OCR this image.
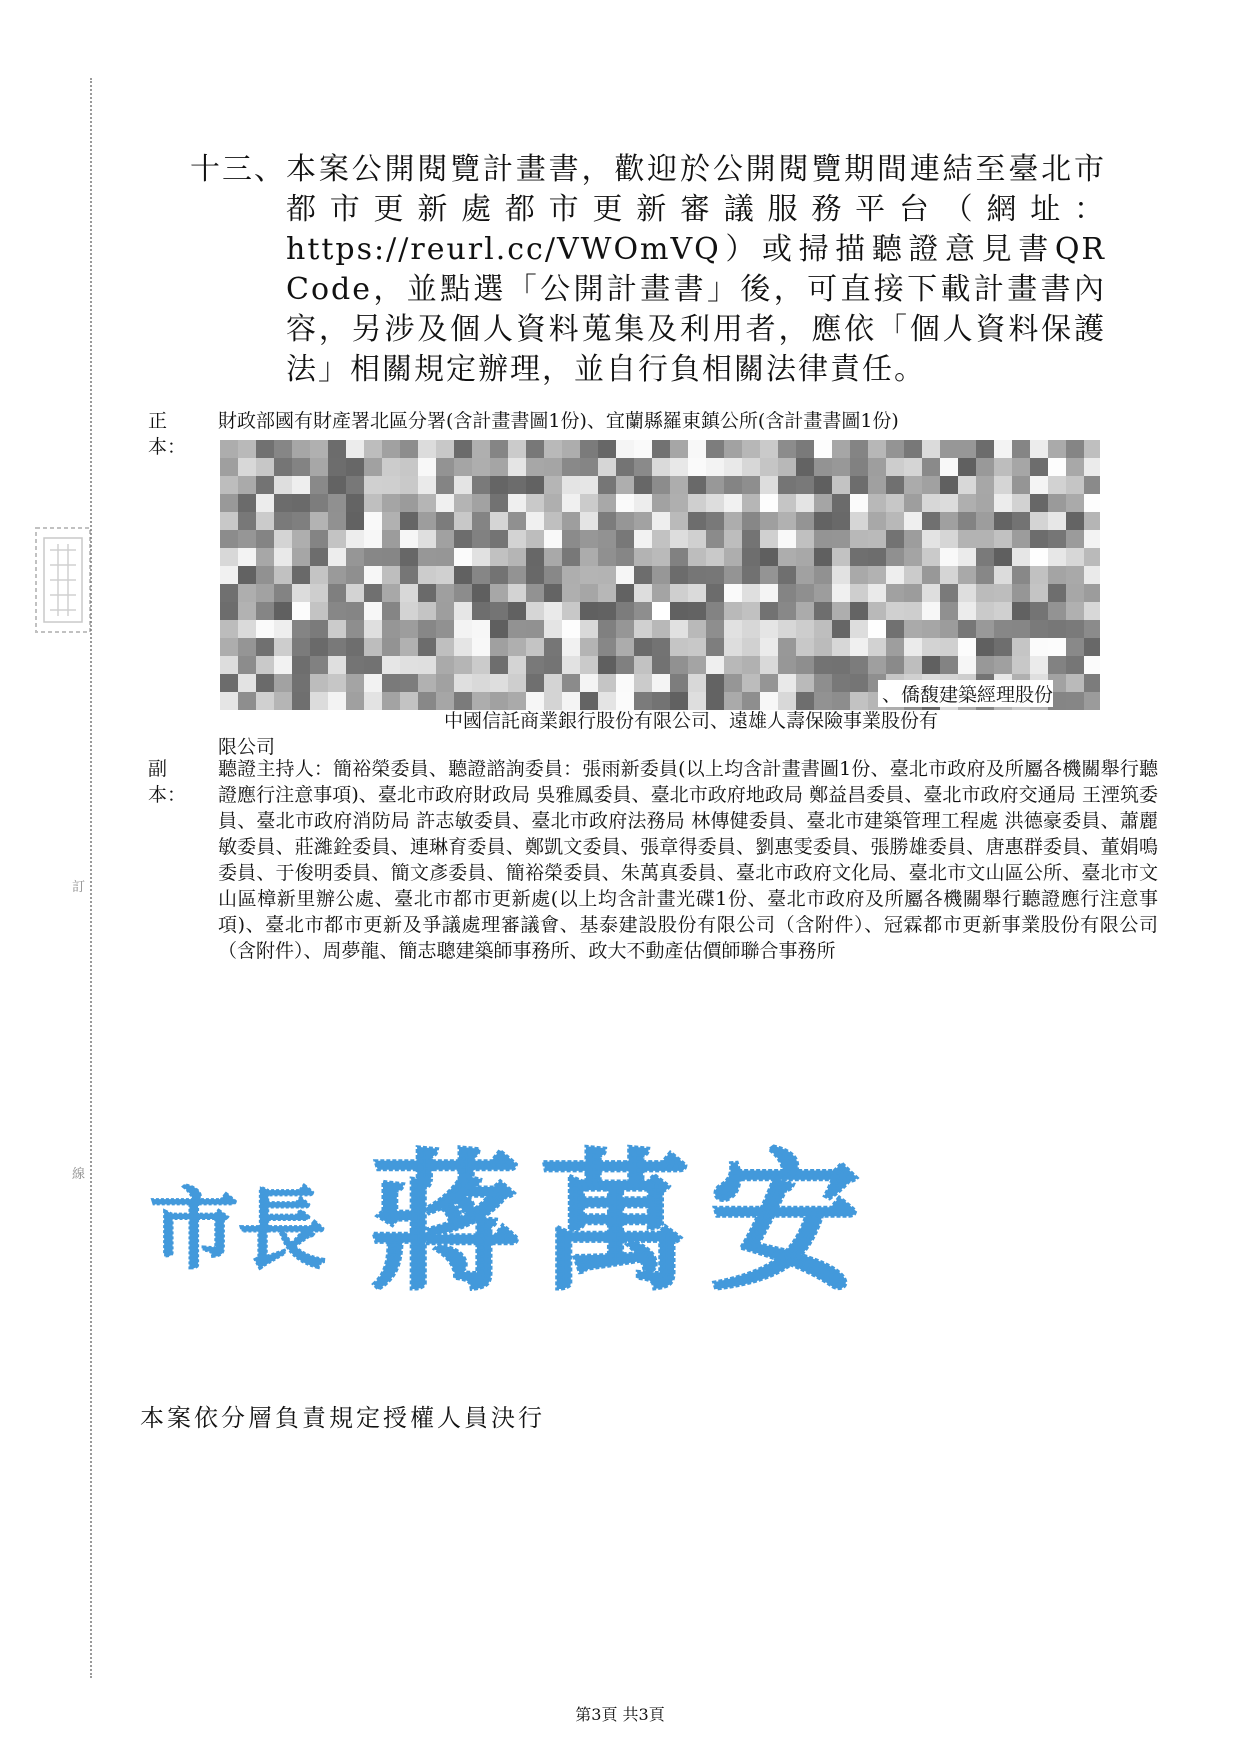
訂
線
十三、 本案公開閱覽計畫書，歡迎於公開閱覽期間連結至臺北市都市更新處都市更新審議服務平台（網址：https://reurl.cc/VWOmVQ）或掃描聽證意見書QR Code，並點選「公開計畫書」後，可直接下載計畫書內容，另涉及個人資料蒐集及利用者，應依「個人資料保護法」相關規定辦理，並自行負相關法律責任。
正本：
財政部國有財產署北區分署(含計畫書圖1份)、宜蘭縣羅東鎮公所(含計畫書圖1份)
、僑馥建築經理股份
中國信託商業銀行股份有限公司、遠雄人壽保險事業股份有
限公司
副本：
聽證主持人：簡裕榮委員、聽證諮詢委員：張雨新委員(以上均含計畫書圖1份、臺北市政府及所屬各機關舉行聽證應行注意事項)、臺北市政府財政局 吳雅鳳委員、臺北市政府地政局 鄭益昌委員、臺北市政府交通局 王湮筑委員、臺北市政府消防局 許志敏委員、臺北市政府法務局 林傳健委員、臺北市建築管理工程處 洪德豪委員、蕭麗敏委員、莊濰銓委員、連琳育委員、鄭凱文委員、張章得委員、劉惠雯委員、張勝雄委員、唐惠群委員、董娟鳴委員、于俊明委員、簡文彥委員、簡裕榮委員、朱萬真委員、臺北市政府文化局、臺北市文山區公所、臺北市文山區樟新里辦公處、臺北市都市更新處(以上均含計畫光碟1份、臺北市政府及所屬各機關舉行聽證應行注意事項)、臺北市都市更新及爭議處理審議會、基泰建設股份有限公司（含附件）、冠霖都市更新事業股份有限公司（含附件）、周夢龍、簡志聰建築師事務所、政大不動產估價師聯合事務所
市長 蔣萬安
本案依分層負責規定授權人員決行
第3頁 共3頁
